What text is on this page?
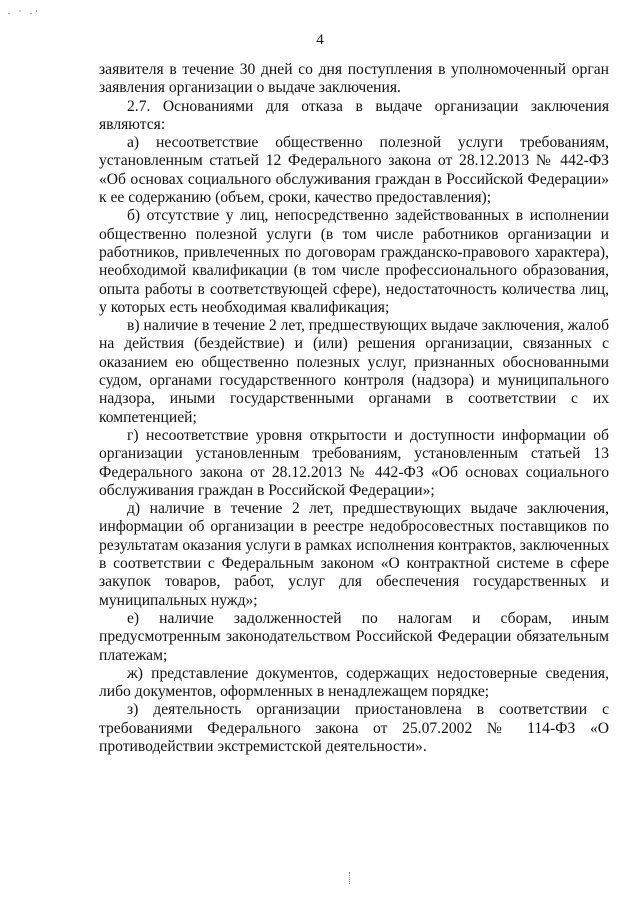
. · .·
4

заявителя в течение 30 дней со дня поступления в уполномоченный орган заявления организации о выдаче заключения.

2.7. Основаниями для отказа в выдаче организации заключения являются:

а) несоответствие общественно полезной услуги требованиям, установленным статьей 12 Федерального закона от 28.12.2013 № 442-ФЗ «Об основах социального обслуживания граждан в Российской Федерации» к ее содержанию (объем, сроки, качество предоставления);

б) отсутствие у лиц, непосредственно задействованных в исполнении общественно полезной услуги (в том числе работников организации и работников, привлеченных по договорам гражданско-правового характера), необходимой квалификации (в том числе профессионального образования, опыта работы в соответствующей сфере), недостаточность количества лиц, у которых есть необходимая квалификация;

в) наличие в течение 2 лет, предшествующих выдаче заключения, жалоб на действия (бездействие) и (или) решения организации, связанных с оказанием ею общественно полезных услуг, признанных обоснованными судом, органами государственного контроля (надзора) и муниципального надзора, иными государственными органами в соответствии с их компетенцией;

г) несоответствие уровня открытости и доступности информации об организации установленным требованиям, установленным статьей 13 Федерального закона от 28.12.2013 № 442-ФЗ «Об основах социального обслуживания граждан в Российской Федерации»;

д) наличие в течение 2 лет, предшествующих выдаче заключения, информации об организации в реестре недобросовестных поставщиков по результатам оказания услуги в рамках исполнения контрактов, заключенных в соответствии с Федеральным законом «О контрактной системе в сфере закупок товаров, работ, услуг для обеспечения государственных и муниципальных нужд»;

е) наличие задолженностей по налогам и сборам, иным предусмотренным законодательством Российской Федерации обязательным платежам;

ж) представление документов, содержащих недостоверные сведения, либо документов, оформленных в ненадлежащем порядке;

з) деятельность организации приостановлена в соответствии с требованиями Федерального закона от 25.07.2002 № 114-ФЗ «О противодействии экстремистской деятельности».
